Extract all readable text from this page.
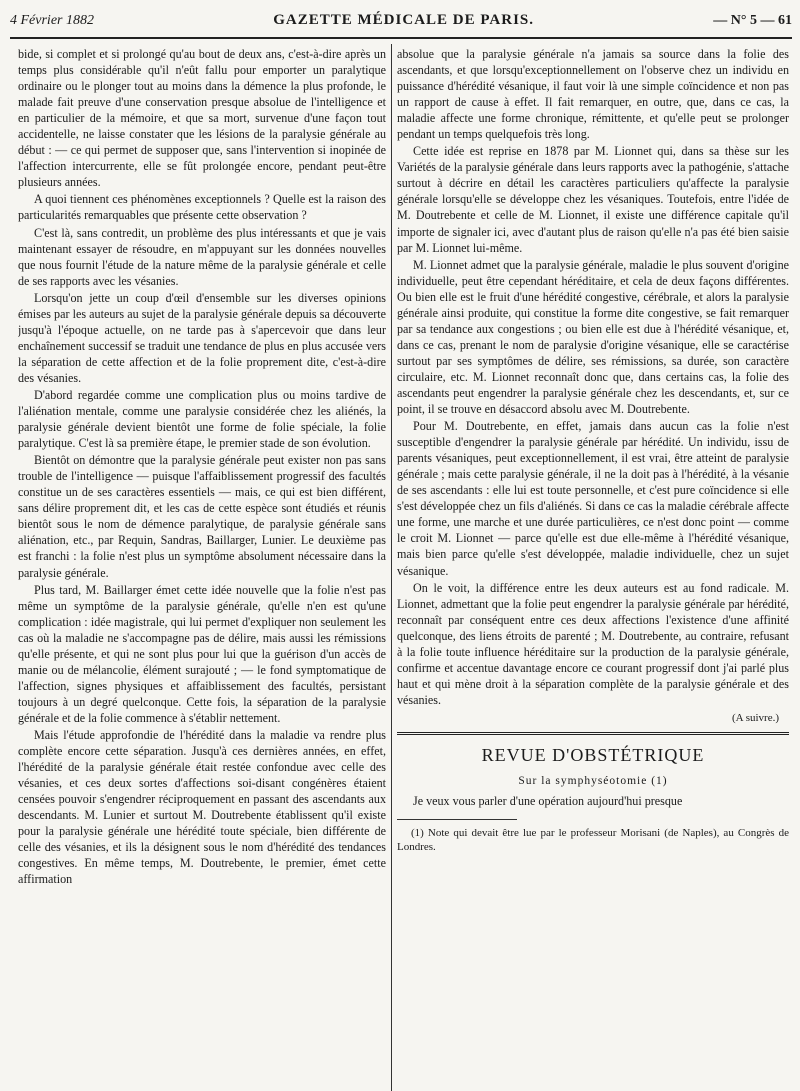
4 Février 1882	GAZETTE MÉDICALE DE PARIS.	— N° 5 — 61

bide, si complet et si prolongé qu'au bout de deux ans, c'est-à-dire après un temps plus considérable qu'il n'eût fallu pour emporter un paralytique ordinaire ou le plonger tout au moins dans la démence la plus profonde, le malade fait preuve d'une conservation presque absolue de l'intelligence et en particulier de la mémoire, et que sa mort, survenue d'une façon tout accidentelle, ne laisse constater que les lésions de la paralysie générale au début : — ce qui permet de supposer que, sans l'intervention si inopinée de l'affection intercurrente, elle se fût prolongée encore, pendant peut-être plusieurs années.

A quoi tiennent ces phénomènes exceptionnels ? Quelle est la raison des particularités remarquables que présente cette observation ?

C'est là, sans contredit, un problème des plus intéressants et que je vais maintenant essayer de résoudre, en m'appuyant sur les données nouvelles que nous fournit l'étude de la nature même de la paralysie générale et celle de ses rapports avec les vésanies.

Lorsqu'on jette un coup d'œil d'ensemble sur les diverses opinions émises par les auteurs au sujet de la paralysie générale depuis sa découverte jusqu'à l'époque actuelle, on ne tarde pas à s'apercevoir que dans leur enchaînement successif se traduit une tendance de plus en plus accusée vers la séparation de cette affection et de la folie proprement dite, c'est-à-dire des vésanies.

D'abord regardée comme une complication plus ou moins tardive de l'aliénation mentale, comme une paralysie considérée chez les aliénés, la paralysie générale devient bientôt une forme de folie spéciale, la folie paralytique. C'est là sa première étape, le premier stade de son évolution.

Bientôt on démontre que la paralysie générale peut exister non pas sans trouble de l'intelligence — puisque l'affaiblissement progressif des facultés constitue un de ses caractères essentiels — mais, ce qui est bien différent, sans délire proprement dit, et les cas de cette espèce sont étudiés et réunis bientôt sous le nom de démence paralytique, de paralysie générale sans aliénation, etc., par Requin, Sandras, Baillarger, Lunier. Le deuxième pas est franchi : la folie n'est plus un symptôme absolument nécessaire dans la paralysie générale.

Plus tard, M. Baillarger émet cette idée nouvelle que la folie n'est pas même un symptôme de la paralysie générale, qu'elle n'en est qu'une complication : idée magistrale, qui lui permet d'expliquer non seulement les cas où la maladie ne s'accompagne pas de délire, mais aussi les rémissions qu'elle présente, et qui ne sont plus pour lui que la guérison d'un accès de manie ou de mélancolie, élément surajouté ; — le fond symptomatique de l'affection, signes physiques et affaiblissement des facultés, persistant toujours à un degré quelconque. Cette fois, la séparation de la paralysie générale et de la folie commence à s'établir nettement.

Mais l'étude approfondie de l'hérédité dans la maladie va rendre plus complète encore cette séparation. Jusqu'à ces dernières années, en effet, l'hérédité de la paralysie générale était restée confondue avec celle des vésanies, et ces deux sortes d'affections soi-disant congénères étaient censées pouvoir s'engendrer réciproquement en passant des ascendants aux descendants. M. Lunier et surtout M. Doutrebente établissent qu'il existe pour la paralysie générale une hérédité toute spéciale, bien différente de celle des vésanies, et ils la désignent sous le nom d'hérédité des tendances congestives. En même temps, M. Doutrebente, le premier, émet cette affirmation

absolue que la paralysie générale n'a jamais sa source dans la folie des ascendants, et que lorsqu'exceptionnellement on l'observe chez un individu en puissance d'hérédité vésanique, il faut voir là une simple coïncidence et non pas un rapport de cause à effet. Il fait remarquer, en outre, que, dans ce cas, la maladie affecte une forme chronique, rémittente, et qu'elle peut se prolonger pendant un temps quelquefois très long.

Cette idée est reprise en 1878 par M. Lionnet qui, dans sa thèse sur les Variétés de la paralysie générale dans leurs rapports avec la pathogénie, s'attache surtout à décrire en détail les caractères particuliers qu'affecte la paralysie générale lorsqu'elle se développe chez les vésaniques. Toutefois, entre l'idée de M. Doutrebente et celle de M. Lionnet, il existe une différence capitale qu'il importe de signaler ici, avec d'autant plus de raison qu'elle n'a pas été bien saisie par M. Lionnet lui-même.

M. Lionnet admet que la paralysie générale, maladie le plus souvent d'origine individuelle, peut être cependant héréditaire, et cela de deux façons différentes. Ou bien elle est le fruit d'une hérédité congestive, cérébrale, et alors la paralysie générale ainsi produite, qui constitue la forme dite congestive, se fait remarquer par sa tendance aux congestions ; ou bien elle est due à l'hérédité vésanique, et, dans ce cas, prenant le nom de paralysie d'origine vésanique, elle se caractérise surtout par ses symptômes de délire, ses rémissions, sa durée, son caractère circulaire, etc. M. Lionnet reconnaît donc que, dans certains cas, la folie des ascendants peut engendrer la paralysie générale chez les descendants, et, sur ce point, il se trouve en désaccord absolu avec M. Doutrebente.

Pour M. Doutrebente, en effet, jamais dans aucun cas la folie n'est susceptible d'engendrer la paralysie générale par hérédité. Un individu, issu de parents vésaniques, peut exceptionnellement, il est vrai, être atteint de paralysie générale ; mais cette paralysie générale, il ne la doit pas à l'hérédité, à la vésanie de ses ascendants : elle lui est toute personnelle, et c'est pure coïncidence si elle s'est développée chez un fils d'aliénés. Si dans ce cas la maladie cérébrale affecte une forme, une marche et une durée particulières, ce n'est donc point — comme le croit M. Lionnet — parce qu'elle est due elle-même à l'hérédité vésanique, mais bien parce qu'elle s'est développée, maladie individuelle, chez un sujet vésanique.

On le voit, la différence entre les deux auteurs est au fond radicale. M. Lionnet, admettant que la folie peut engendrer la paralysie générale par hérédité, reconnaît par conséquent entre ces deux affections l'existence d'une affinité quelconque, des liens étroits de parenté ; M. Doutrebente, au contraire, refusant à la folie toute influence héréditaire sur la production de la paralysie générale, confirme et accentue davantage encore ce courant progressif dont j'ai parlé plus haut et qui mène droit à la séparation complète de la paralysie générale et des vésanies.

(A suivre.)
REVUE D'OBSTÉTRIQUE
Sur la symphyséotomie (1)

Je veux vous parler d'une opération aujourd'hui presque

(1) Note qui devait être lue par le professeur Morisani (de Naples), au Congrès de Londres.
